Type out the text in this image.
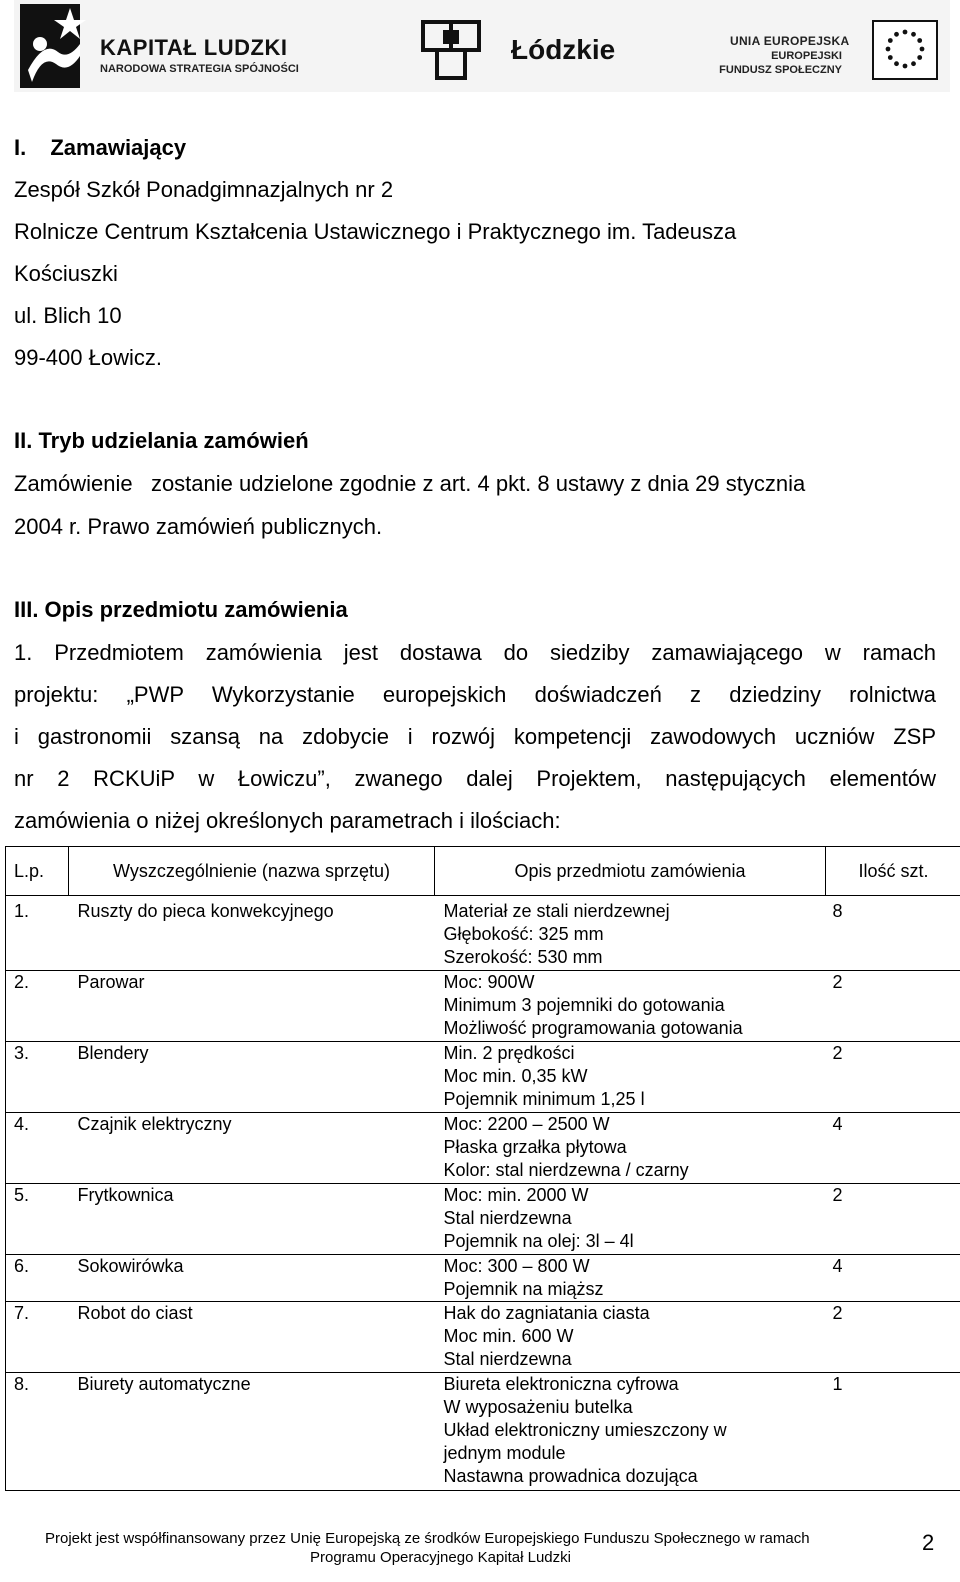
KAPITAŁ LUDZKI
NARODOWA STRATEGIA SPÓJNOŚCI
Łódzkie	UNIA EUROPEJSKA
EUROPEJSKI
FUNDUSZ SPOŁECZNY

I. Zamawiający

Zespół Szkół Ponadgimnazjalnych nr 2

Rolnicze Centrum Kształcenia Ustawicznego i Praktycznego im. Tadeusza

Kościuszki

ul. Blich 10

99-400 Łowicz.

II. Tryb udzielania zamówień

Zamówienie   zostanie udzielone zgodnie z art. 4 pkt. 8 ustawy z dnia 29 stycznia

2004 r. Prawo zamówień publicznych.

III. Opis przedmiotu zamówienia

1. Przedmiotem zamówienia jest dostawa do siedziby zamawiającego w ramach
projektu: „PWP Wykorzystanie europejskich doświadczeń z dziedziny rolnictwa
i gastronomii szansą na zdobycie i rozwój kompetencji zawodowych uczniów ZSP
nr 2 RCKUiP w Łowiczu”, zwanego dalej Projektem, następujących elementów
zamówienia o niżej określonych parametrach i ilościach:
L.p.	Wyszczególnienie (nazwa sprzętu)	Opis przedmiotu zamówienia	Ilość szt.

1.	Ruszty do pieca konwekcyjnego	Materiał ze stali nierdzewnej
Głębokość: 325 mm
Szerokość: 530 mm	8

2.	Parowar	Moc: 900W
Minimum 3 pojemniki do gotowania
Możliwość programowania gotowania	2

3.	Blendery	Min. 2 prędkości
Moc min. 0,35 kW
Pojemnik minimum 1,25 l	2

4.	Czajnik elektryczny	Moc: 2200 – 2500 W
Płaska grzałka płytowa
Kolor: stal nierdzewna / czarny	4

5.	Frytkownica	Moc: min. 2000 W
Stal nierdzewna
Pojemnik na olej: 3l – 4l	2

6.	Sokowirówka	Moc: 300 – 800 W
Pojemnik na miąższ	4

7.	Robot do ciast	Hak do zagniatania ciasta
Moc min. 600 W
Stal nierdzewna	2

8.	Biurety automatyczne	Biureta elektroniczna cyfrowa
W wyposażeniu butelka
Układ elektroniczny umieszczony w
jednym module
Nastawna prowadnica dozująca	1
Projekt jest współfinansowany przez Unię Europejską ze środków Europejskiego Funduszu Społecznego w ramach
Programu Operacyjnego Kapitał Ludzki
2
